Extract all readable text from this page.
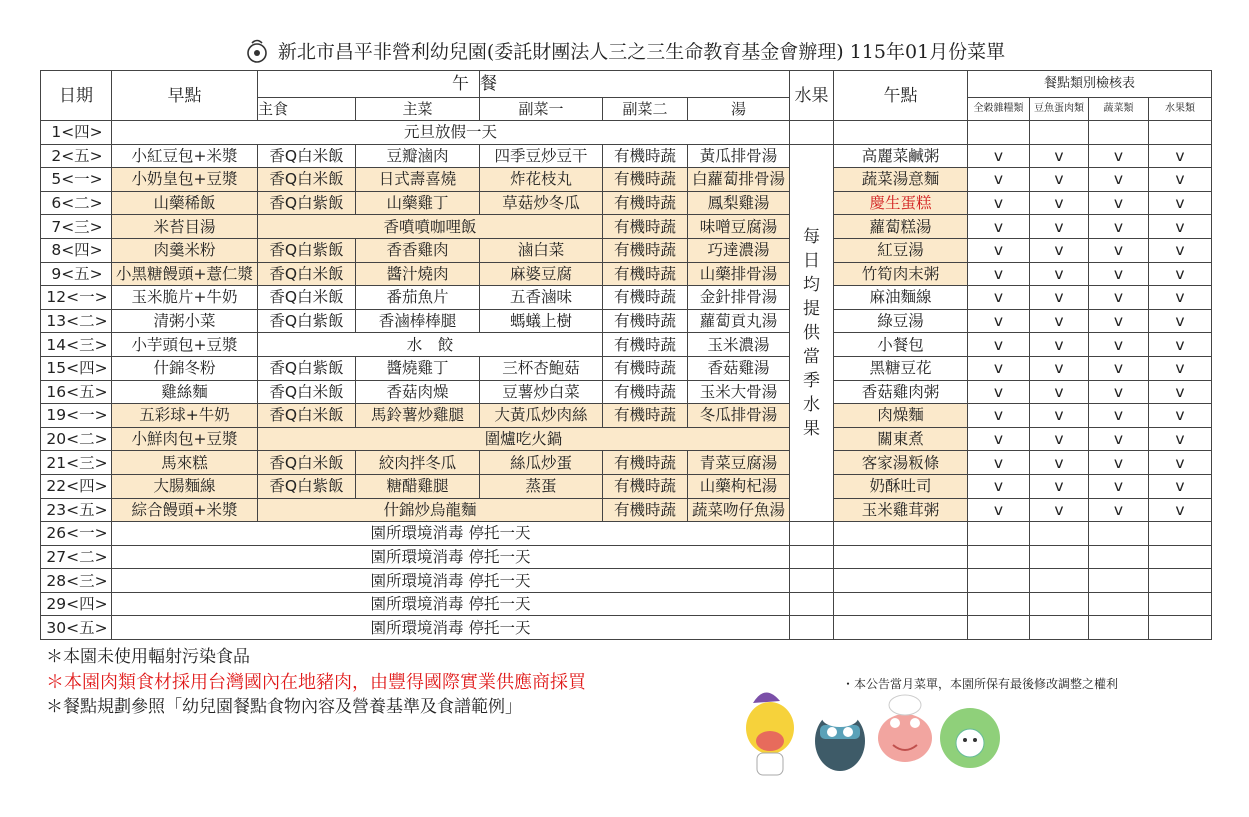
新北市昌平非營利幼兒園(委託財團法人三之三生命教育基金會辦理) 115年01月份菜單
日期	早點	午		餐			水果	午點	餐點類別檢核表			
		主食	主菜	副菜一	副菜二	湯			全穀雜糧類	豆魚蛋肉類	蔬菜類	水果類
1<四>	元旦放假一天											
2<五>	小紅豆包+米漿	香Q白米飯	豆瓣滷肉	四季豆炒豆干	有機時蔬	黃瓜排骨湯	每日均提供當季水果	高麗菜鹹粥	v	v	v	v
5<一>	小奶皇包+豆漿	香Q白米飯	日式壽喜燒	炸花枝丸	有機時蔬	白蘿蔔排骨湯		蔬菜湯意麵	v	v	v	v
6<二>	山藥稀飯	香Q白紫飯	山藥雞丁	草菇炒冬瓜	有機時蔬	鳳梨雞湯		慶生蛋糕	v	v	v	v
7<三>	米苔目湯	香噴噴咖哩飯			有機時蔬	味噌豆腐湯		蘿蔔糕湯	v	v	v	v
8<四>	肉羹米粉	香Q白紫飯	香香雞肉	滷白菜	有機時蔬	巧達濃湯		紅豆湯	v	v	v	v
9<五>	小黑糖饅頭+薏仁漿	香Q白米飯	醬汁燒肉	麻婆豆腐	有機時蔬	山藥排骨湯		竹筍肉末粥	v	v	v	v
12<一>	玉米脆片+牛奶	香Q白米飯	番茄魚片	五香滷味	有機時蔬	金針排骨湯		麻油麵線	v	v	v	v
13<二>	清粥小菜	香Q白紫飯	香滷棒棒腿	螞蟻上樹	有機時蔬	蘿蔔貢丸湯		綠豆湯	v	v	v	v
14<三>	小芋頭包+豆漿	水　餃			有機時蔬	玉米濃湯		小餐包	v	v	v	v
15<四>	什錦冬粉	香Q白紫飯	醬燒雞丁	三杯杏鮑菇	有機時蔬	香菇雞湯		黑糖豆花	v	v	v	v
16<五>	雞絲麵	香Q白米飯	香菇肉燥	豆薯炒白菜	有機時蔬	玉米大骨湯		香菇雞肉粥	v	v	v	v
19<一>	五彩球+牛奶	香Q白米飯	馬鈴薯炒雞腿	大黃瓜炒肉絲	有機時蔬	冬瓜排骨湯		肉燥麵	v	v	v	v
20<二>	小鮮肉包+豆漿	圍爐吃火鍋						關東煮	v	v	v	v
21<三>	馬來糕	香Q白米飯	絞肉拌冬瓜	絲瓜炒蛋	有機時蔬	青菜豆腐湯		客家湯粄條	v	v	v	v
22<四>	大腸麵線	香Q白紫飯	糖醋雞腿	蒸蛋	有機時蔬	山藥枸杞湯		奶酥吐司	v	v	v	v
23<五>	綜合饅頭+米漿	什錦炒烏龍麵			有機時蔬	蔬菜吻仔魚湯		玉米雞茸粥	v	v	v	v
26<一>	園所環境消毒 停托一天											
27<二>	園所環境消毒 停托一天											
28<三>	園所環境消毒 停托一天											
29<四>	園所環境消毒 停托一天											
30<五>	園所環境消毒 停托一天											
＊本園未使用輻射污染食品
＊本園肉類食材採用台灣國內在地豬肉，由豐得國際實業供應商採買
＊餐點規劃參照「幼兒園餐點食物內容及營養基準及食譜範例」
・本公告當月菜單，本園所保有最後修改調整之權利
